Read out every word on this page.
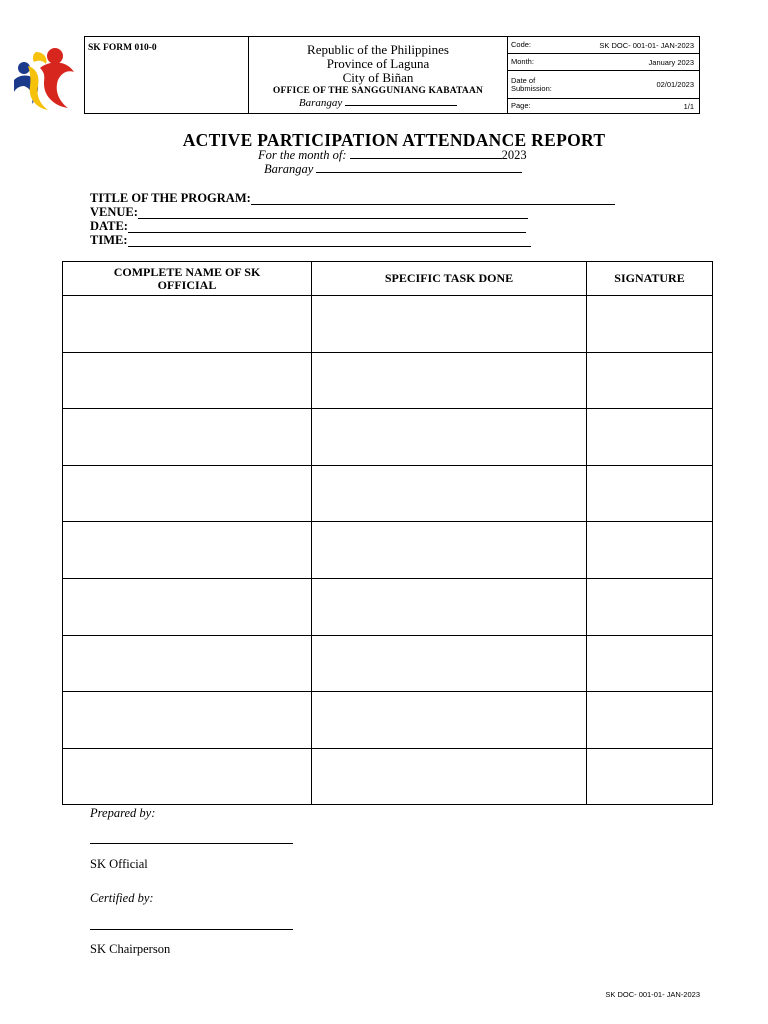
SK FORM 010-0	Republic of the Philippines
Province of Laguna
City of Biñan
OFFICE OF THE SANGGUNIANG KABATAAN
Barangay
Code:	SK DOC- 001-01- JAN-2023
Month:	January 2023
Date of Submission:	02/01/2023
Page:	1/1
ACTIVE PARTICIPATION ATTENDANCE REPORT
For the month of:	2023
Barangay
TITLE OF THE PROGRAM:
VENUE:
DATE:
TIME:
COMPLETE NAME OF SK OFFICIAL	SPECIFIC TASK DONE	SIGNATURE

Prepared by:
SK Official
Certified by:
SK Chairperson
SK DOC- 001-01- JAN-2023
